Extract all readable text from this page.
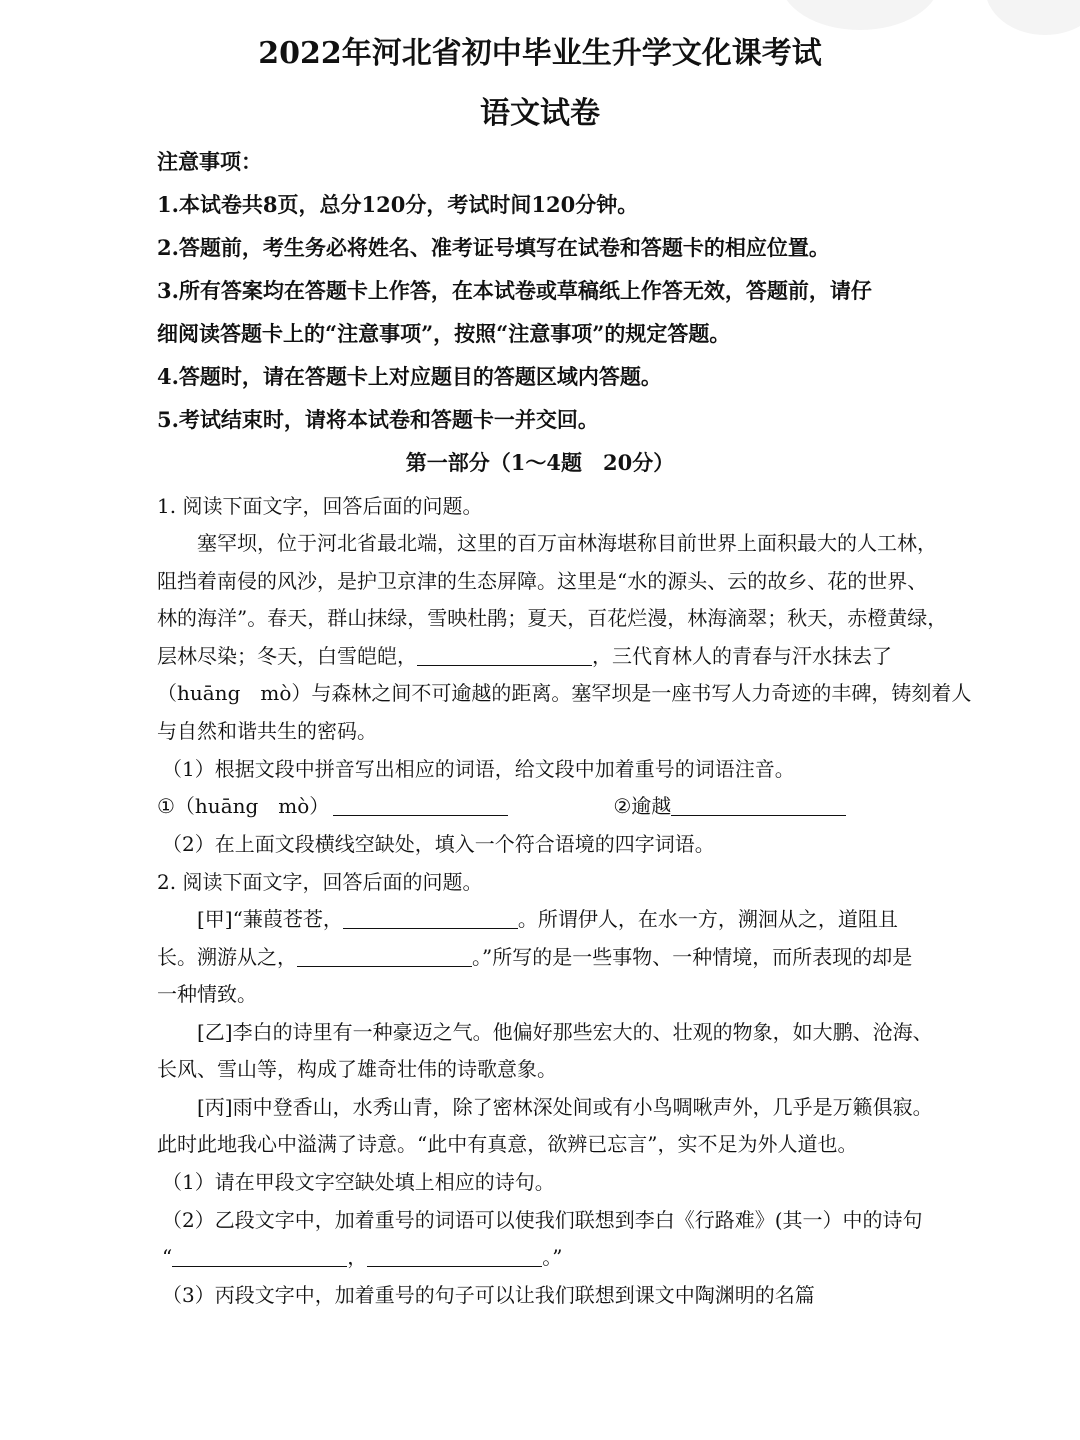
2022年河北省初中毕业生升学文化课考试
语文试卷
注意事项：
1.本试卷共8页，总分120分，考试时间120分钟。
2.答题前，考生务必将姓名、准考证号填写在试卷和答题卡的相应位置。
3.所有答案均在答题卡上作答，在本试卷或草稿纸上作答无效，答题前，请仔
细阅读答题卡上的“注意事项”，按照“注意事项”的规定答题。
4.答题时，请在答题卡上对应题目的答题区域内答题。
5.考试结束时，请将本试卷和答题卡一并交回。
第一部分（1～4题　20分）
1. 阅读下面文字，回答后面的问题。
塞罕坝，位于河北省最北端，这里的百万亩林海堪称目前世界上面积最大的人工林，
阻挡着南侵的风沙，是护卫京津的生态屏障。这里是“水的源头、云的故乡、花的世界、
林的海洋”。春天，群山抹绿，雪映杜鹃；夏天，百花烂漫，林海滴翠；秋天，赤橙黄绿，
层林尽染；冬天，白雪皑皑，	，三代育林人的青春与汗水抹去了
（huāng　mò）与森林之间不可逾越的距离。塞罕坝是一座书写人力奇迹的丰碑，铸刻着人
与自然和谐共生的密码。
（1）根据文段中拼音写出相应的词语，给文段中加着重号的词语注音。
①（huāng　mò）	②逾越
（2）在上面文段横线空缺处，填入一个符合语境的四字词语。
2. 阅读下面文字，回答后面的问题。
[甲]“蒹葭苍苍，	。所谓伊人，在水一方，溯洄从之，道阻且
长。溯游从之，	。”所写的是一些事物、一种情境，而所表现的却是
一种情致。
[乙]李白的诗里有一种豪迈之气。他偏好那些宏大的、壮观的物象，如大鹏、沧海、
长风、雪山等，构成了雄奇壮伟的诗歌意象。
[丙]雨中登香山，水秀山青，除了密林深处间或有小鸟啁啾声外，几乎是万籁俱寂。
此时此地我心中溢满了诗意。“此中有真意，欲辨已忘言”，实不足为外人道也。
（1）请在甲段文字空缺处填上相应的诗句。
（2）乙段文字中，加着重号的词语可以使我们联想到李白《行路难》(其一）中的诗句
“	，	。”
（3）丙段文字中，加着重号的句子可以让我们联想到课文中陶渊明的名篇
